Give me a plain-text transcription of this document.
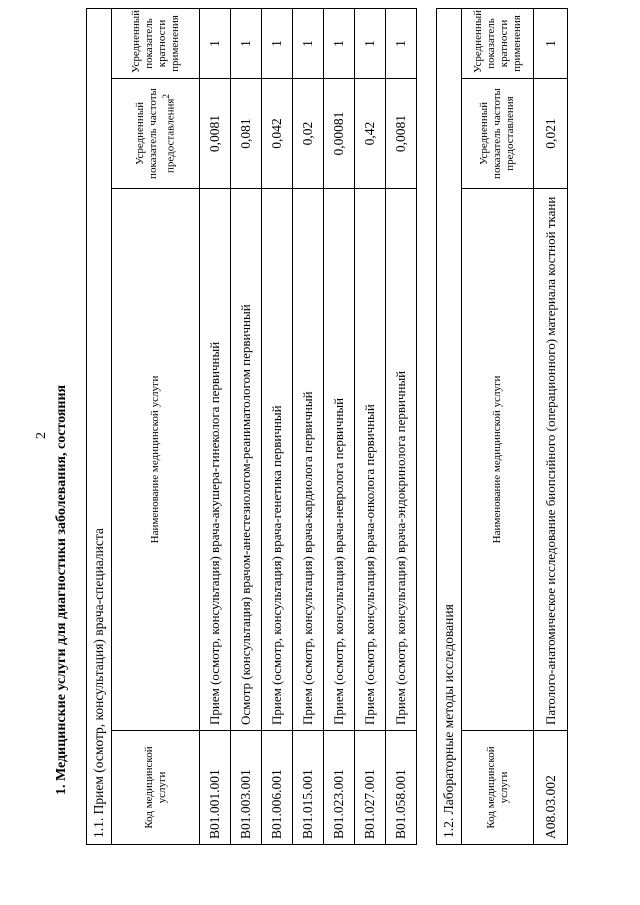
2 1. Медицинские услуги для диагностики заболевания, состояния 1.1. Прием (осмотр, консультация) врача-специалиста			
Код медицинской услуги	Наименование медицинской услуги	Усредненный показатель частоты предоставления$^2$	Усредненный показатель кратности применения
B01.001.001	Прием (осмотр, консультация) врача-акушера-гинеколога первичный	0,0081	1
B01.003.001	Осмотр (консультация) врачом-анестезиологом-реаниматологом первичный	0,081	1
B01.006.001	Прием (осмотр, консультация) врача-генетика первичный	0,042	1
B01.015.001	Прием (осмотр, консультация) врача-кардиолога первичный	0,02	1
B01.023.001	Прием (осмотр, консультация) врача-невролога первичный	0,00081	1
B01.027.001	Прием (осмотр, консультация) врача-онколога первичный	0,42	1
B01.058.001	Прием (осмотр, консультация) врача-эндокринолога первичный	0,0081	1
1.2. Лабораторные методы исследования			
Код медицинской услуги	Наименование медицинской услуги	Усредненный показатель частоты предоставления	Усредненный показатель кратности применения
A08.03.002	Патолого-анатомическое исследование биопсийного (операционного) материала костной ткани	0,021	1
